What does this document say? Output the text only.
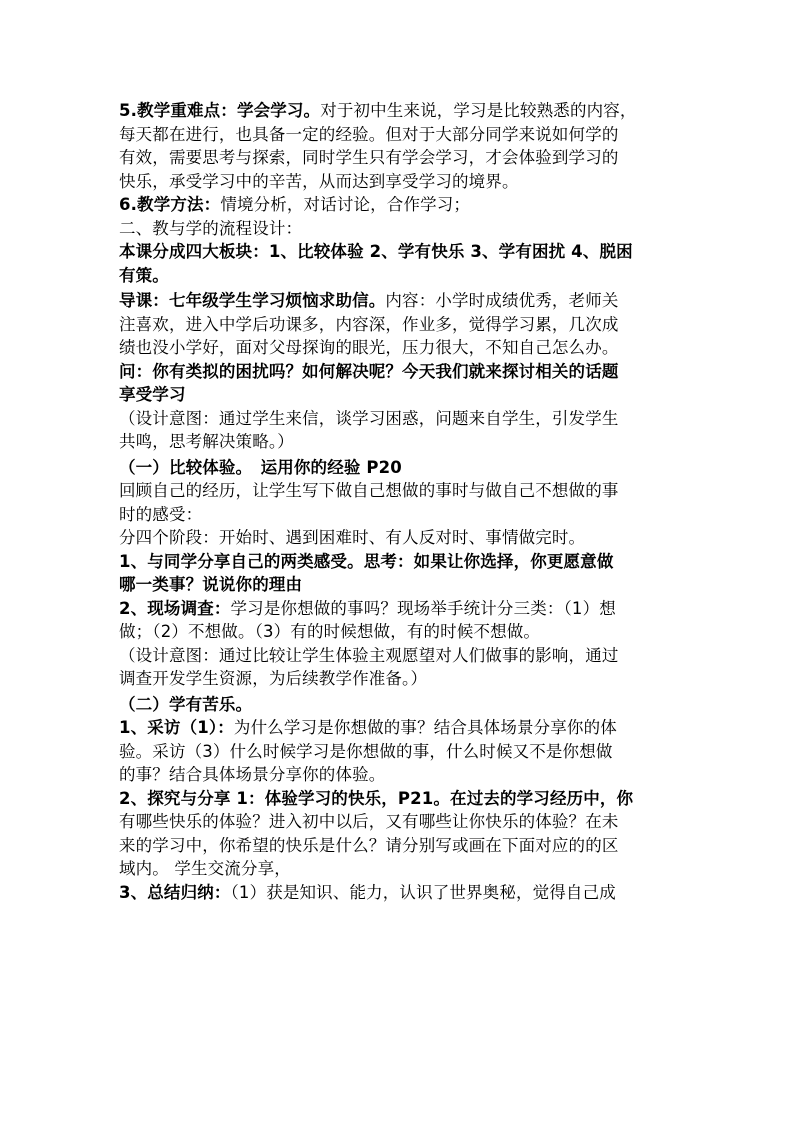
5.教学重难点：学会学习。对于初中生来说，学习是比较熟悉的内容，
每天都在进行，也具备一定的经验。但对于大部分同学来说如何学的
有效，需要思考与探索，同时学生只有学会学习，才会体验到学习的
快乐，承受学习中的辛苦，从而达到享受学习的境界。
6.教学方法：情境分析，对话讨论，合作学习；
二、教与学的流程设计：
本课分成四大板块：1、比较体验 2、学有快乐 3、学有困扰 4、脱困
有策。
导课：七年级学生学习烦恼求助信。内容：小学时成绩优秀，老师关
注喜欢，进入中学后功课多，内容深，作业多，觉得学习累，几次成
绩也没小学好，面对父母探询的眼光，压力很大，不知自己怎么办。
问：你有类拟的困扰吗？如何解决呢？今天我们就来探讨相关的话题
享受学习
（设计意图：通过学生来信，谈学习困惑，问题来自学生，引发学生
共鸣，思考解决策略。）
（一）比较体验。　运用你的经验 P20
回顾自己的经历，让学生写下做自己想做的事时与做自己不想做的事
时的感受：
分四个阶段：开始时、遇到困难时、有人反对时、事情做完时。
1、与同学分享自己的两类感受。思考：如果让你选择，你更愿意做
哪一类事？说说你的理由
2、现场调查：学习是你想做的事吗？现场举手统计分三类：（1）想
做；（2）不想做。（3）有的时候想做，有的时候不想做。
（设计意图：通过比较让学生体验主观愿望对人们做事的影响，通过
调查开发学生资源，为后续教学作准备。）
（二）学有苦乐。
1、采访（1）：为什么学习是你想做的事？结合具体场景分享你的体
验。采访（3）什么时候学习是你想做的事，什么时候又不是你想做
的事？结合具体场景分享你的体验。
2、探究与分享 1：体验学习的快乐，P21。在过去的学习经历中，你
有哪些快乐的体验？进入初中以后，又有哪些让你快乐的体验？在未
来的学习中，你希望的快乐是什么？请分别写或画在下面对应的的区
域内。 学生交流分享，
3、总结归纳：（1）获是知识、能力，认识了世界奥秘，觉得自己成
